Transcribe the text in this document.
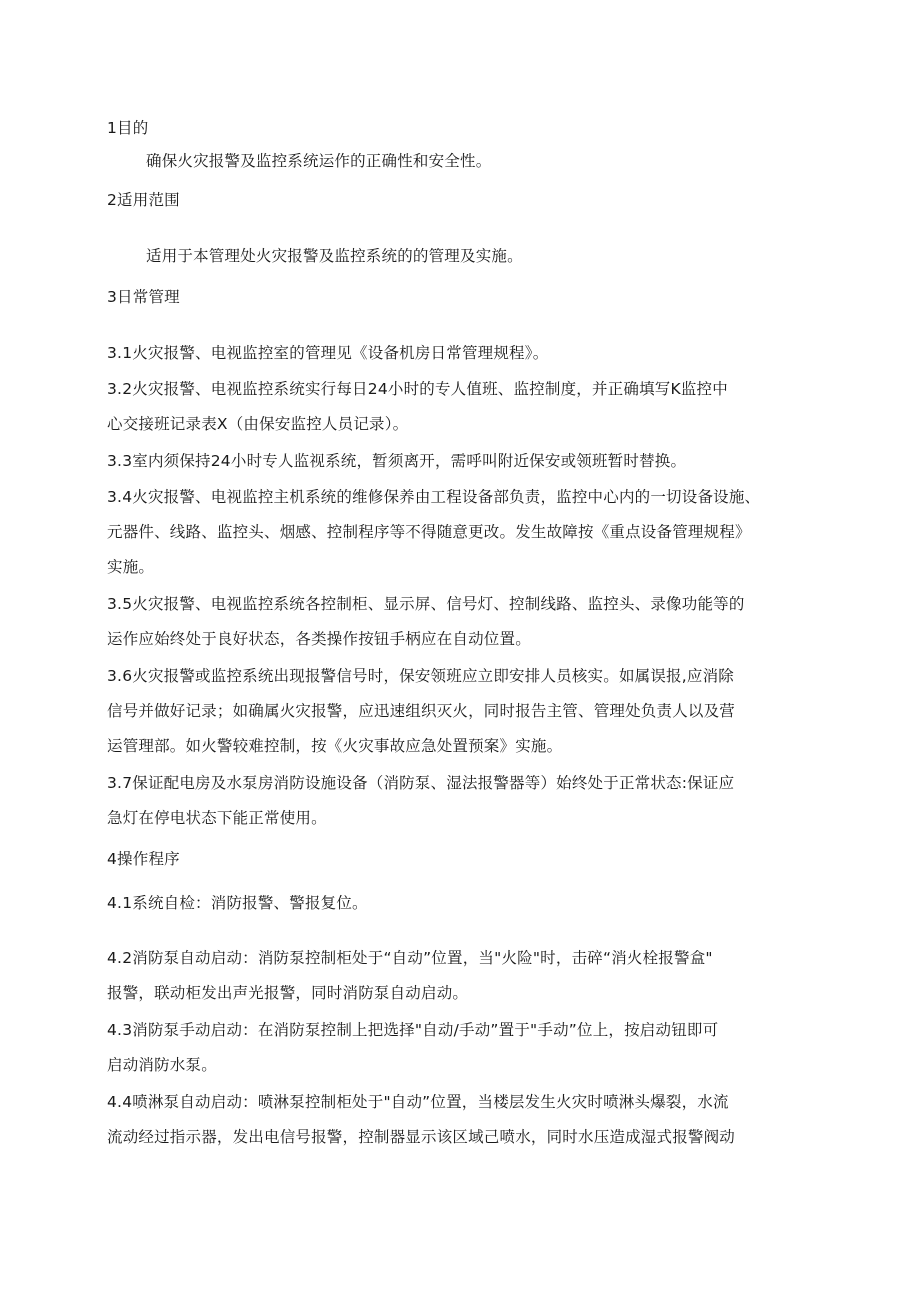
1目的
确保火灾报警及监控系统运作的正确性和安全性。
2适用范围
适用于本管理处火灾报警及监控系统的的管理及实施。
3日常管理
3.1火灾报警、电视监控室的管理见《设备机房日常管理规程》。
3.2火灾报警、电视监控系统实行每日24小时的专人值班、监控制度，并正确填写K监控中
心交接班记录表X（由保安监控人员记录）。
3.3室内须保持24小时专人监视系统，暂须离开，需呼叫附近保安或领班暂时替换。
3.4火灾报警、电视监控主机系统的维修保养由工程设备部负责，监控中心内的一切设备设施、
元器件、线路、监控头、烟感、控制程序等不得随意更改。发生故障按《重点设备管理规程》
实施。
3.5火灾报警、电视监控系统各控制柜、显示屏、信号灯、控制线路、监控头、录像功能等的
运作应始终处于良好状态，各类操作按钮手柄应在自动位置。
3.6火灾报警或监控系统出现报警信号时，保安领班应立即安排人员核实。如属误报,应消除
信号并做好记录；如确属火灾报警，应迅速组织灭火，同时报告主管、管理处负责人以及营
运管理部。如火警较难控制，按《火灾事故应急处置预案》实施。
3.7保证配电房及水泵房消防设施设备（消防泵、湿法报警器等）始终处于正常状态:保证应
急灯在停电状态下能正常使用。
4操作程序
4.1系统自检：消防报警、警报复位。
4.2消防泵自动启动：消防泵控制柜处于“自动”位置，当"火险"时，击碎“消火栓报警盒"
报警，联动柜发出声光报警，同时消防泵自动启动。
4.3消防泵手动启动：在消防泵控制上把选择"自动/手动”置于"手动”位上，按启动钮即可
启动消防水泵。
4.4喷淋泵自动启动：喷淋泵控制柜处于"自动”位置，当楼层发生火灾时喷淋头爆裂，水流
流动经过指示器，发出电信号报警，控制器显示该区域己喷水，同时水压造成湿式报警阀动
